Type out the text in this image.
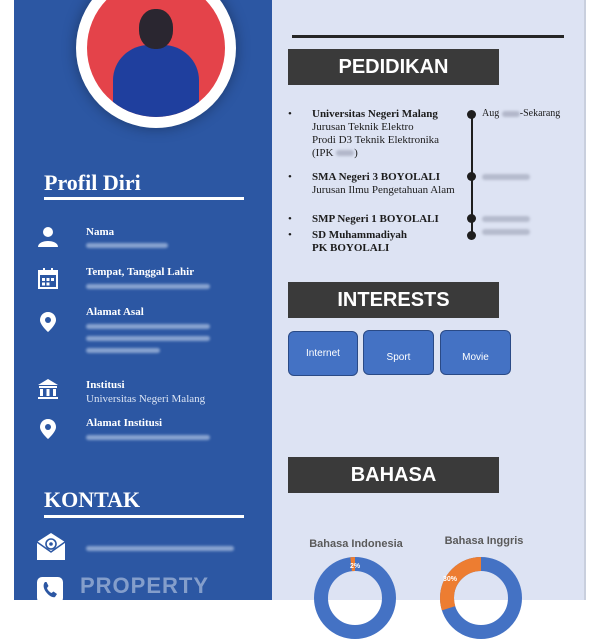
Profil Diri
Nama
Tempat, Tanggal Lahir
Alamat Asal
Institusi
Universitas Negeri Malang
Alamat Institusi
KONTAK
PROPERTY
PEDIDIKAN
• Universitas Negeri Malang
Jurusan Teknik Elektro
Prodi D3 Teknik Elektronika
(IPK )
Aug -Sekarang
• SMA Negeri 3 BOYOLALI
Jurusan Ilmu Pengetahuan Alam
• SMP Negeri 1 BOYOLALI
• SD Muhammadiyah
PK BOYOLALI
INTERESTS
Internet	Sport	Movie
BAHASA
Bahasa Indonesia	Bahasa Inggris
2%
30%
